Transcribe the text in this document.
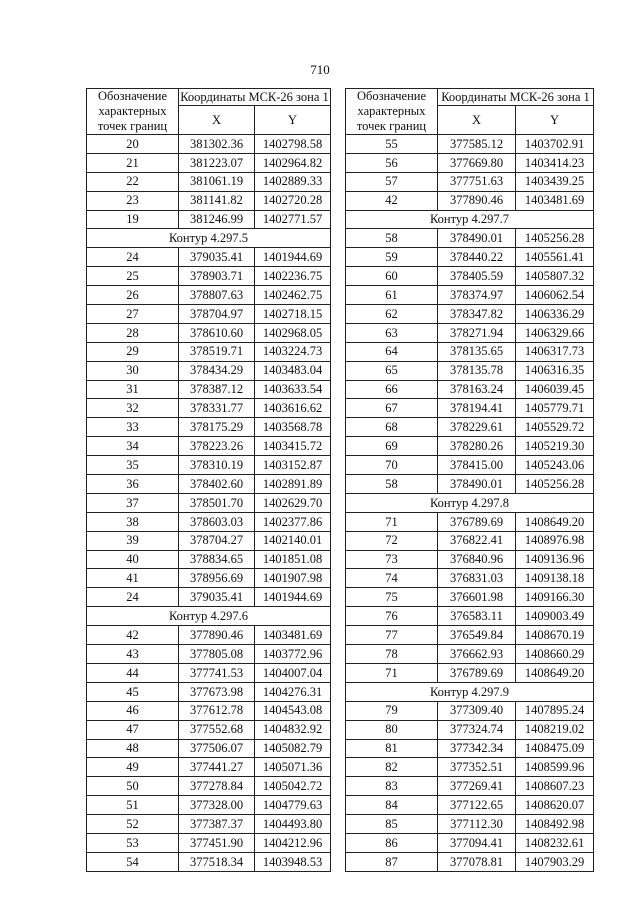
710
Обозначение характерных точек границ	Координаты МСК-26 зона 1	
	X	Y
20	381302.36	1402798.58
21	381223.07	1402964.82
22	381061.19	1402889.33
23	381141.82	1402720.28
19	381246.99	1402771.57
Контур 4.297.5		
24	379035.41	1401944.69
25	378903.71	1402236.75
26	378807.63	1402462.75
27	378704.97	1402718.15
28	378610.60	1402968.05
29	378519.71	1403224.73
30	378434.29	1403483.04
31	378387.12	1403633.54
32	378331.77	1403616.62
33	378175.29	1403568.78
34	378223.26	1403415.72
35	378310.19	1403152.87
36	378402.60	1402891.89
37	378501.70	1402629.70
38	378603.03	1402377.86
39	378704.27	1402140.01
40	378834.65	1401851.08
41	378956.69	1401907.98
24	379035.41	1401944.69
Контур 4.297.6		
42	377890.46	1403481.69
43	377805.08	1403772.96
44	377741.53	1404007.04
45	377673.98	1404276.31
46	377612.78	1404543.08
47	377552.68	1404832.92
48	377506.07	1405082.79
49	377441.27	1405071.36
50	377278.84	1405042.72
51	377328.00	1404779.63
52	377387.37	1404493.80
53	377451.90	1404212.96
54	377518.34	1403948.53
Обозначение характерных точек границ	Координаты МСК-26 зона 1	
	X	Y
55	377585.12	1403702.91
56	377669.80	1403414.23
57	377751.63	1403439.25
42	377890.46	1403481.69
Контур 4.297.7		
58	378490.01	1405256.28
59	378440.22	1405561.41
60	378405.59	1405807.32
61	378374.97	1406062.54
62	378347.82	1406336.29
63	378271.94	1406329.66
64	378135.65	1406317.73
65	378135.78	1406316.35
66	378163.24	1406039.45
67	378194.41	1405779.71
68	378229.61	1405529.72
69	378280.26	1405219.30
70	378415.00	1405243.06
58	378490.01	1405256.28
Контур 4.297.8		
71	376789.69	1408649.20
72	376822.41	1408976.98
73	376840.96	1409136.96
74	376831.03	1409138.18
75	376601.98	1409166.30
76	376583.11	1409003.49
77	376549.84	1408670.19
78	376662.93	1408660.29
71	376789.69	1408649.20
Контур 4.297.9		
79	377309.40	1407895.24
80	377324.74	1408219.02
81	377342.34	1408475.09
82	377352.51	1408599.96
83	377269.41	1408607.23
84	377122.65	1408620.07
85	377112.30	1408492.98
86	377094.41	1408232.61
87	377078.81	1407903.29
